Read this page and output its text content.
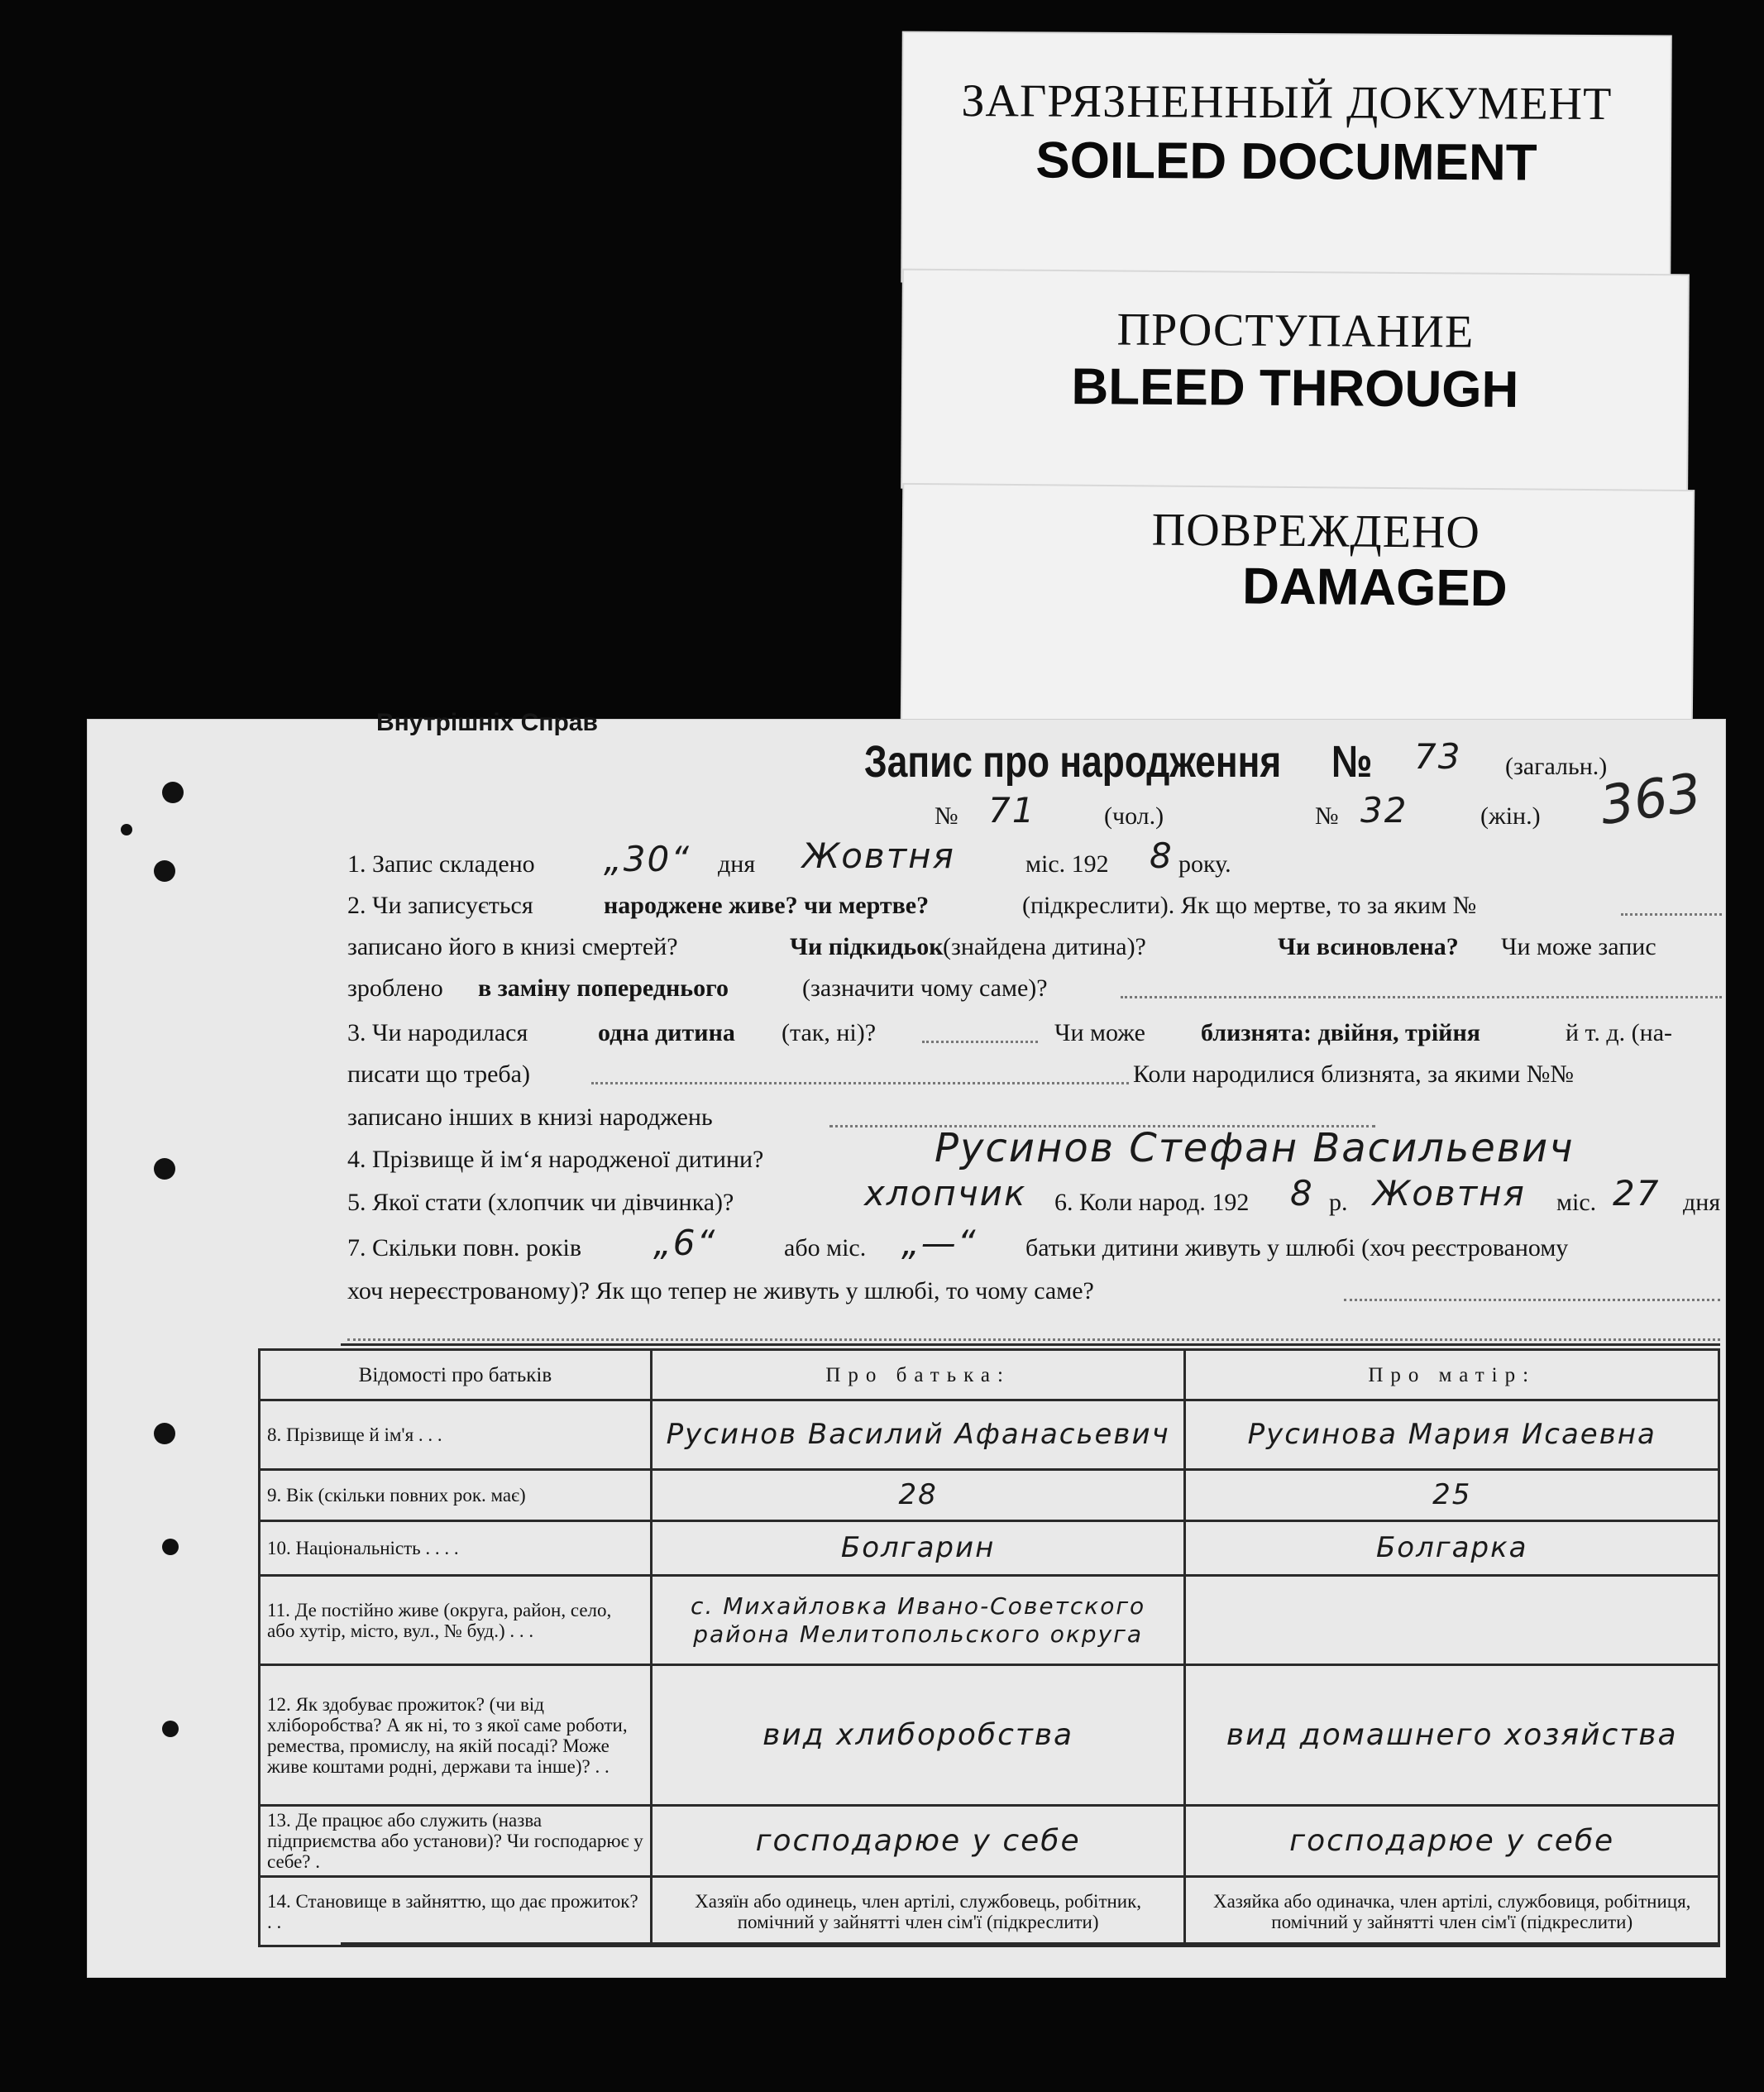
ЗАГРЯЗНЕННЫЙ ДОКУМЕНТ
SOILED DOCUMENT
ПРОСТУПАНИЕ
BLEED THROUGH
ПОВРЕЖДЕНО
DAMAGED
Внутрішніх Справ
Запис про народження № 73 (загальн.)
№ 71	(чол.)	№ 32	(жін.) 363
1. Запис складено „30“ дня Жовтня	міс. 192 8 року.
2. Чи записується	народжене живе? чи мертве?	(підкреслити). Як що мертве, то за яким №
записано його в книзі смертей?	Чи підкидьок (знайдена дитина)?	Чи всиновлена? Чи може запис
зроблено в заміну попереднього	(зазначити чому саме)?
3. Чи народилася	одна дитина (так, ні)?	Чи може близнята: двійня, трійня	й т. д. (на-
писати що треба)	Коли народилися близнята, за якими №№
записано інших в книзі народжень
4. Прізвище й ім‘я народженої дитини?	Русинов Стефан Васильевич
5. Якої стати (хлопчик чи дівчинка)?	хлопчик 6. Коли народ. 192 8 р. Жовтня міс. 27 дня
7. Скільки повн. років „6“	або міс. „—“ батьки дитини живуть у шлюбі (хоч реєстрованому
хоч нереєстрованому)? Як що тепер не живуть у шлюбі, то чому саме?
Відомості про батьків	Про батька:	Про матір:
8. Прізвище й ім'я . . .	Русинов Василий Афанасьевич	Русинова Мария Исаевна
9. Вік (скільки повних рок. має)	28	25
10. Національність . . . .	Болгарин	Болгарка
11. Де постійно живе (округа, район, село, або хутір, місто, вул., № буд.) . . .	с. Михайловка Ивано-Советского района Мелитопольского округа	
12. Як здобуває прожиток? (чи від хліборобства? А як ні, то з якої саме роботи, ремества, промислу, на якій посаді? Може живе коштами родні, держави та інше)? . .	вид хлиборобства	вид домашнего хозяйства
13. Де працює або служить (назва підприємства або установи)? Чи господарює у себе? .	господарюе у себе	господарюе у себе
14. Становище в зайняттю, що дає прожиток? . .	Хазяїн або одинець, член артілі, службовець, робітник, помічний у зайнятті член сім'ї (підкреслити)	Хазяйка або одиначка, член артілі, службовиця, робітниця, помічний у зайнятті член сім'ї (підкреслити)
